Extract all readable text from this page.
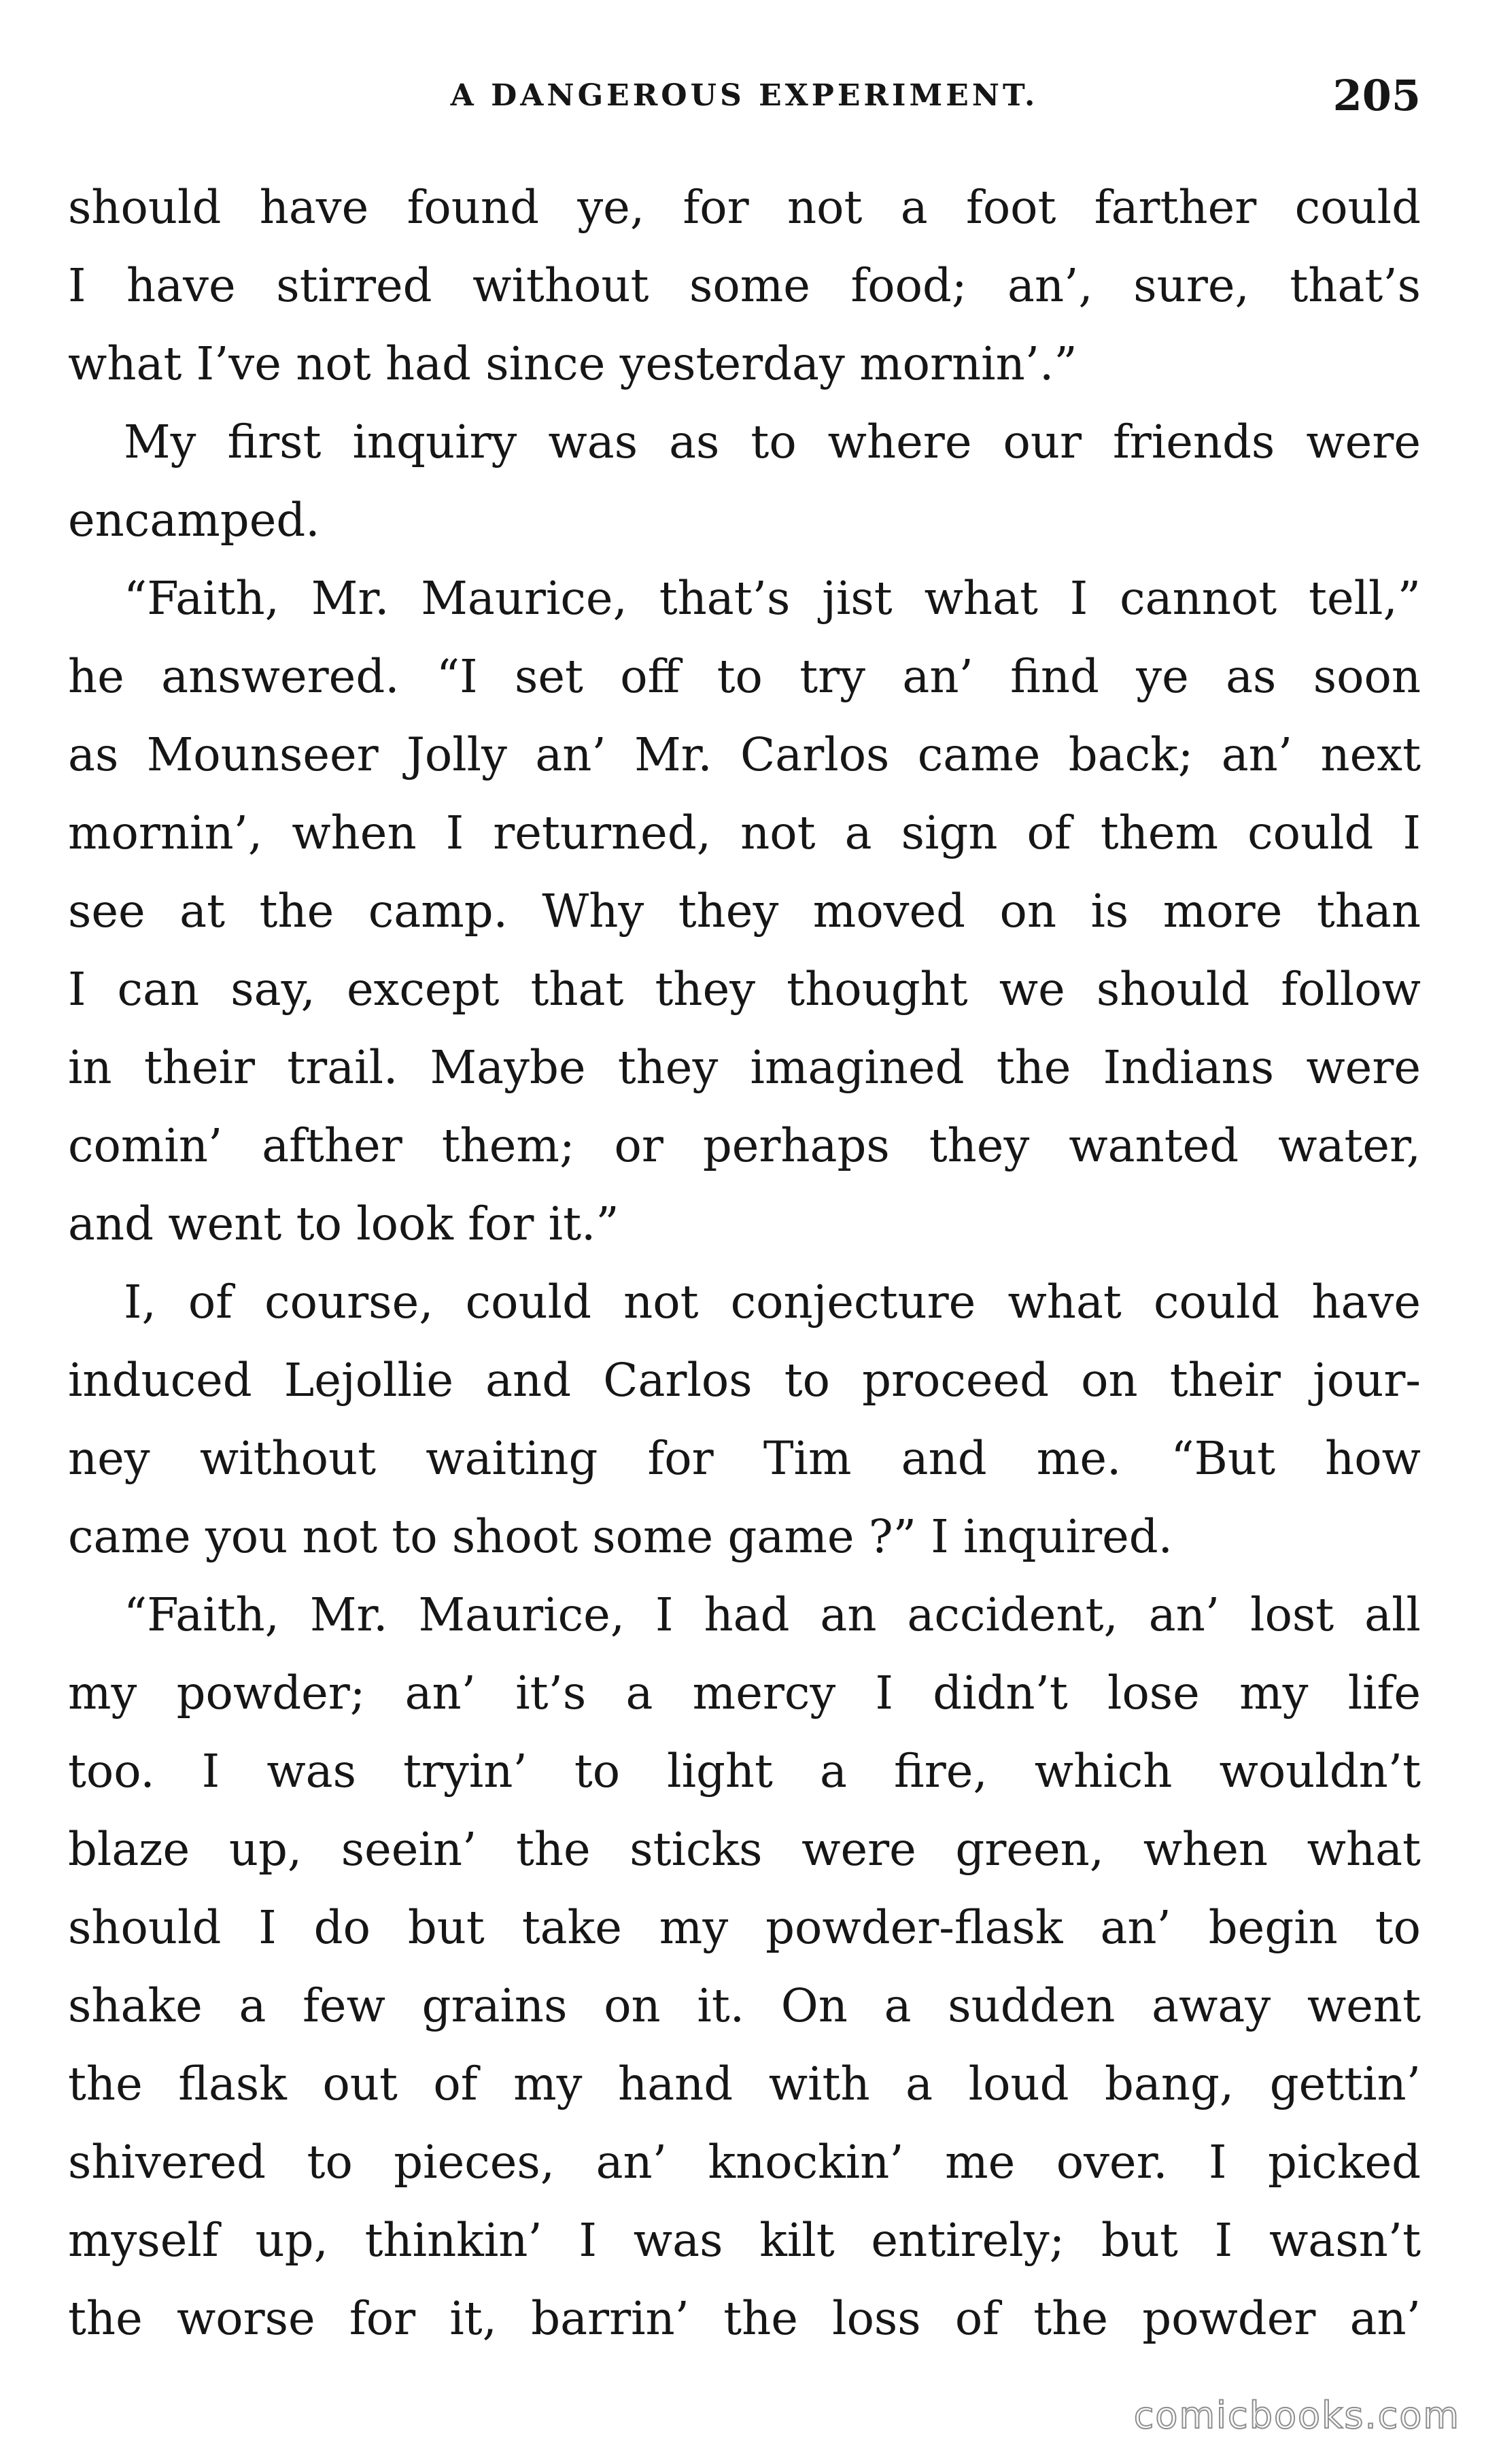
A DANGEROUS EXPERIMENT.	205
should have found ye, for not a foot farther could
I have stirred without some food; an’, sure, that’s
what I’ve not had since yesterday mornin’.”
My first inquiry was as to where our friends were
encamped.
“Faith, Mr. Maurice, that’s jist what I cannot tell,”
he answered. “I set off to try an’ find ye as soon
as Mounseer Jolly an’ Mr. Carlos came back; an’ next
mornin’, when I returned, not a sign of them could I
see at the camp. Why they moved on is more than
I can say, except that they thought we should follow
in their trail. Maybe they imagined the Indians were
comin’ afther them; or perhaps they wanted water,
and went to look for it.”
I, of course, could not conjecture what could have
induced Lejollie and Carlos to proceed on their jour-
ney without waiting for Tim and me. “But how
came you not to shoot some game ?” I inquired.
“Faith, Mr. Maurice, I had an accident, an’ lost all
my powder; an’ it’s a mercy I didn’t lose my life
too. I was tryin’ to light a fire, which wouldn’t
blaze up, seein’ the sticks were green, when what
should I do but take my powder-flask an’ begin to
shake a few grains on it. On a sudden away went
the flask out of my hand with a loud bang, gettin’
shivered to pieces, an’ knockin’ me over. I picked
myself up, thinkin’ I was kilt entirely; but I wasn’t
the worse for it, barrin’ the loss of the powder an’
comicbooks.com
